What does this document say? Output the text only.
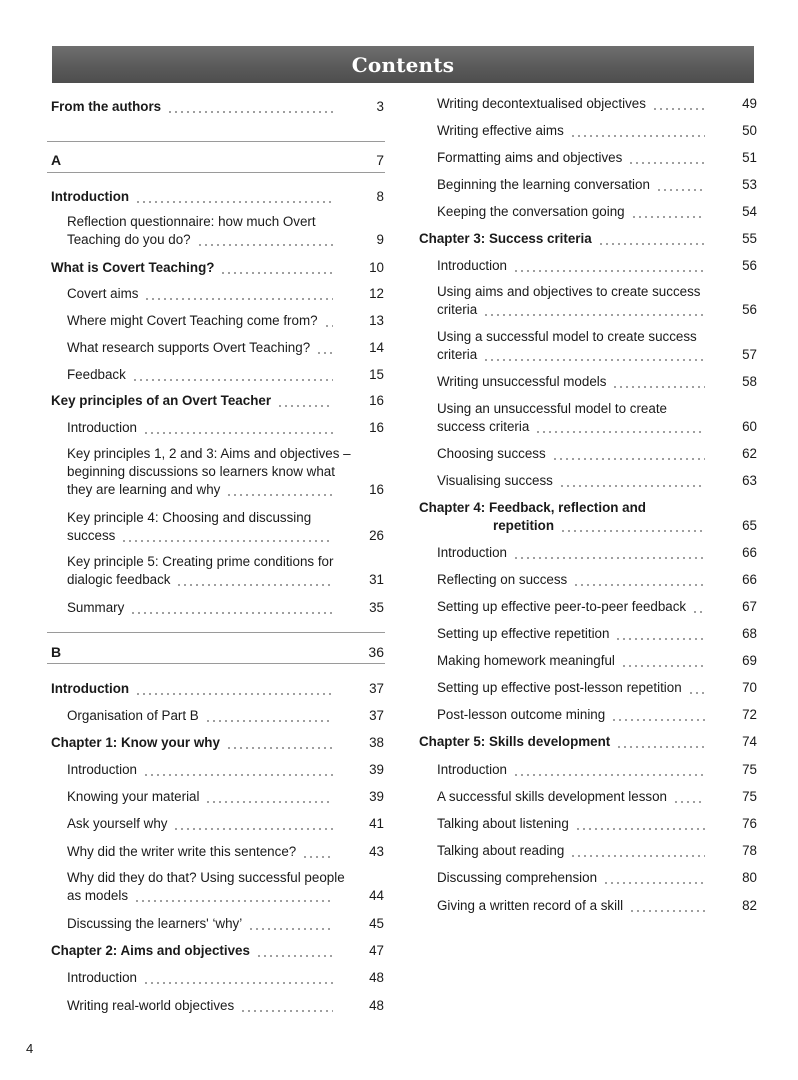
Contents
From the authors	3
A	7
Introduction	8
Reflection questionnaire: how much Overt
Teaching do you do?	9
What is Covert Teaching?	10
Covert aims	12
Where might Covert Teaching come from?	13
What research supports Overt Teaching?	14
Feedback	15
Key principles of an Overt Teacher	16
Introduction	16
Key principles 1, 2 and 3: Aims and objectives –
beginning discussions so learners know what
they are learning and why	16
Key principle 4: Choosing and discussing
success	26
Key principle 5: Creating prime conditions for
dialogic feedback	31
Summary	35
B	36
Introduction	37
Organisation of Part B	37
Chapter 1: Know your why	38
Introduction	39
Knowing your material	39
Ask yourself why	41
Why did the writer write this sentence?	43
Why did they do that? Using successful people
as models	44
Discussing the learners' ‘why’	45
Chapter 2: Aims and objectives	47
Introduction	48
Writing real-world objectives	48
Writing decontextualised objectives	49
Writing effective aims	50
Formatting aims and objectives	51
Beginning the learning conversation	53
Keeping the conversation going	54
Chapter 3: Success criteria	55
Introduction	56
Using aims and objectives to create success
criteria	56
Using a successful model to create success
criteria	57
Writing unsuccessful models	58
Using an unsuccessful model to create
success criteria	60
Choosing success	62
Visualising success	63
Chapter 4: Feedback, reflection and
repetition	65
Introduction	66
Reflecting on success	66
Setting up effective peer-to-peer feedback	67
Setting up effective repetition	68
Making homework meaningful	69
Setting up effective post-lesson repetition	70
Post-lesson outcome mining	72
Chapter 5: Skills development	74
Introduction	75
A successful skills development lesson	75
Talking about listening	76
Talking about reading	78
Discussing comprehension	80
Giving a written record of a skill	82
4
